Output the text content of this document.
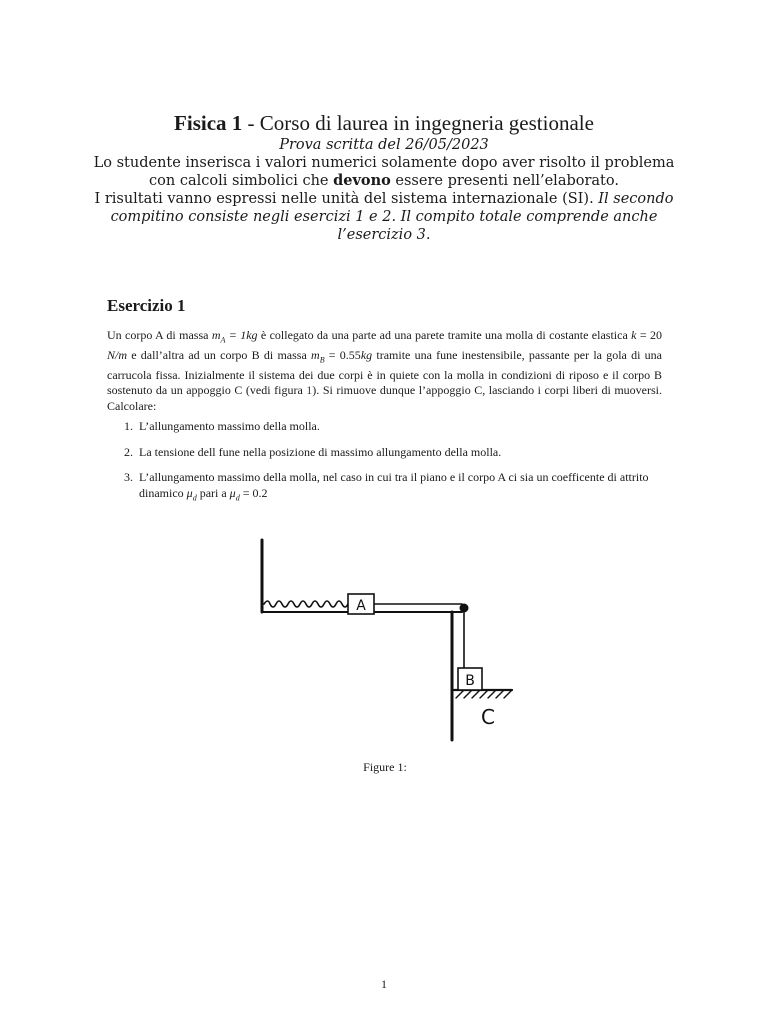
Fisica 1 - Corso di laurea in ingegneria gestionale
Prova scritta del 26/05/2023
Lo studente inserisca i valori numerici solamente dopo aver risolto il problema con calcoli simbolici che devono essere presenti nell’elaborato.
I risultati vanno espressi nelle unità del sistema internazionale (SI). Il secondo compitino consiste negli esercizi 1 e 2. Il compito totale comprende anche l’esercizio 3.
Esercizio 1
Un corpo A di massa $m_A = 1kg$ è collegato da una parte ad una parete tramite una molla di costante elastica k = 20 N/m e dall’altra ad un corpo B di massa $m_B = 0.55kg$ tramite una fune inestensibile, passante per la gola di una carrucola fissa. Inizialmente il sistema dei due corpi è in quiete con la molla in condizioni di riposo e il corpo B sostenuto da un appoggio C (vedi figura 1). Si rimuove dunque l’appoggio C, lasciando i corpi liberi di muoversi. Calcolare:
1. L’allungamento massimo della molla.
2. La tensione dell fune nella posizione di massimo allungamento della molla.
3. L’allungamento massimo della molla, nel caso in cui tra il piano e il corpo A ci sia un coefficente di attrito dinamico $\mu_d$ pari a $\mu_d = 0.2$
A
B
C
Figure 1:
1
